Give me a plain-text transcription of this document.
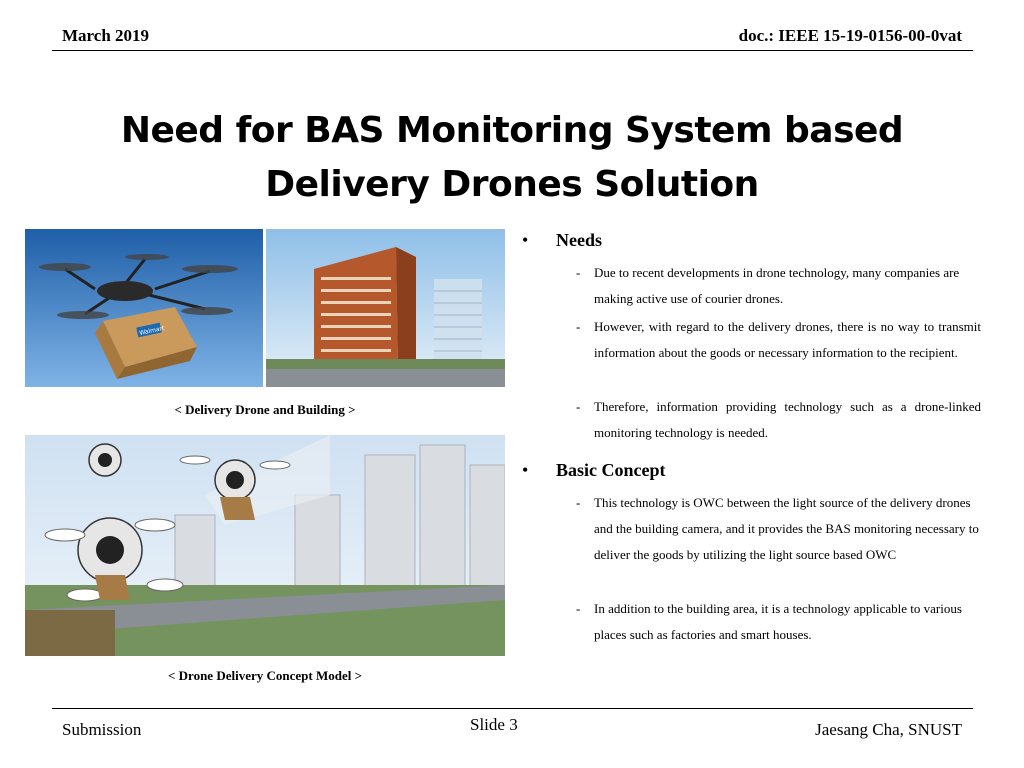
March 2019	doc.: IEEE 15-19-0156-00-0vat
Need for BAS Monitoring System based Delivery Drones Solution
Walmart
< Delivery Drone and Building >
< Drone Delivery Concept Model >
• Needs
- Due to recent developments in drone technology, many companies are making active use of courier drones.
- However, with regard to the delivery drones, there is no way to transmit information about the goods or necessary information to the recipient.
- Therefore, information providing technology such as a drone-linked monitoring technology is needed.
• Basic Concept
- This technology is OWC between the light source of the delivery drones and the building camera, and it provides the BAS monitoring necessary to deliver the goods by utilizing the light source based OWC
- In addition to the building area, it is a technology applicable to various places such as factories and smart houses.
Submission	Slide 3	Jaesang Cha, SNUST
